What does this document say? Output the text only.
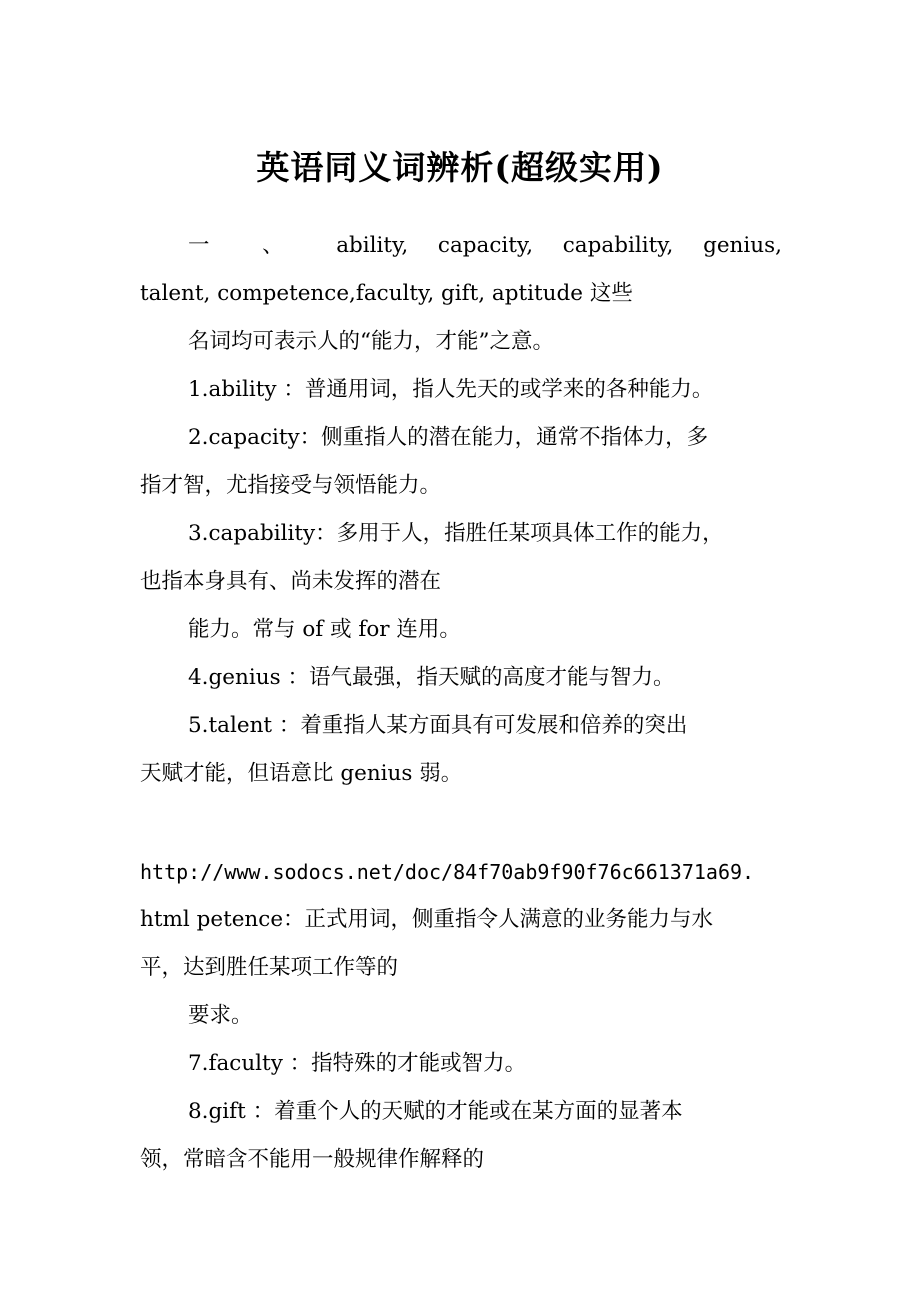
英语同义词辨析(超级实用)
一 、 ability, capacity, capability, genius,
talent, competence,faculty, gift, aptitude 这些
名词均可表示人的“能力，才能”之意。
1.ability ：普通用词，指人先天的或学来的各种能力。
2.capacity：侧重指人的潜在能力，通常不指体力，多
指才智，尤指接受与领悟能力。
3.capability：多用于人，指胜任某项具体工作的能力，
也指本身具有、尚未发挥的潜在
能力。常与 of 或 for 连用。
4.genius ：语气最强，指天赋的高度才能与智力。
5.talent ：着重指人某方面具有可发展和倍养的突出
天赋才能，但语意比 genius 弱。
http://www.sodocs.net/doc/84f70ab9f90f76c661371a69.
html petence：正式用词，侧重指令人满意的业务能力与水
平，达到胜任某项工作等的
要求。
7.faculty ：指特殊的才能或智力。
8.gift ：着重个人的天赋的才能或在某方面的显著本
领，常暗含不能用一般规律作解释的
